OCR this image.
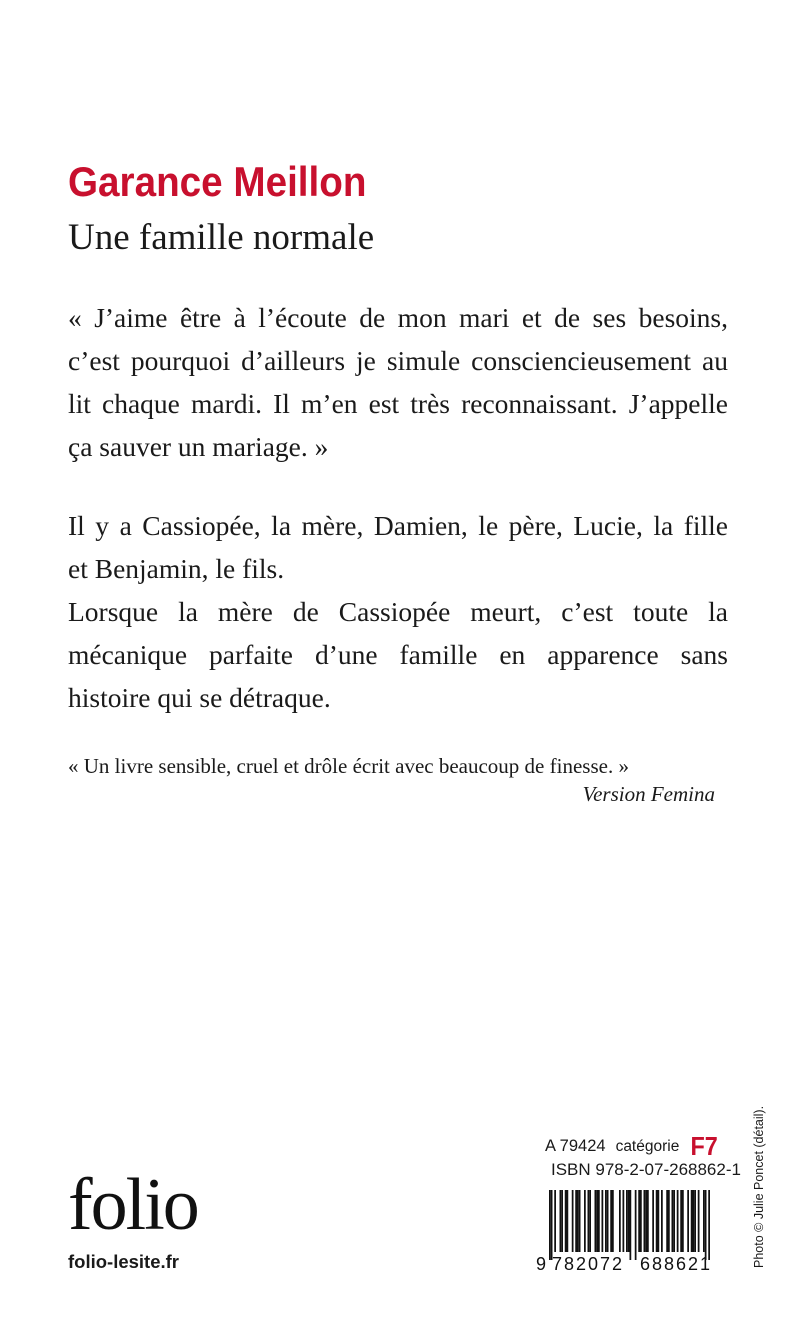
Garance Meillon
Une famille normale
« J’aime être à l’écoute de mon mari et de ses besoins,
c’est pourquoi d’ailleurs je simule consciencieusement au
lit chaque mardi. Il m’en est très reconnaissant. J’appelle
ça sauver un mariage. »
Il y a Cassiopée, la mère, Damien, le père, Lucie, la fille
et Benjamin, le fils.
Lorsque la mère de Cassiopée meurt, c’est toute la
mécanique parfaite d’une famille en apparence sans
histoire qui se détraque.
« Un livre sensible, cruel et drôle écrit avec beaucoup de finesse. »
Version Femina
folio
folio-lesite.fr
A 79424 catégorie F7
ISBN 978-2-07-268862-1
9 782072 688621	Photo © Julie Poncet (détail).
